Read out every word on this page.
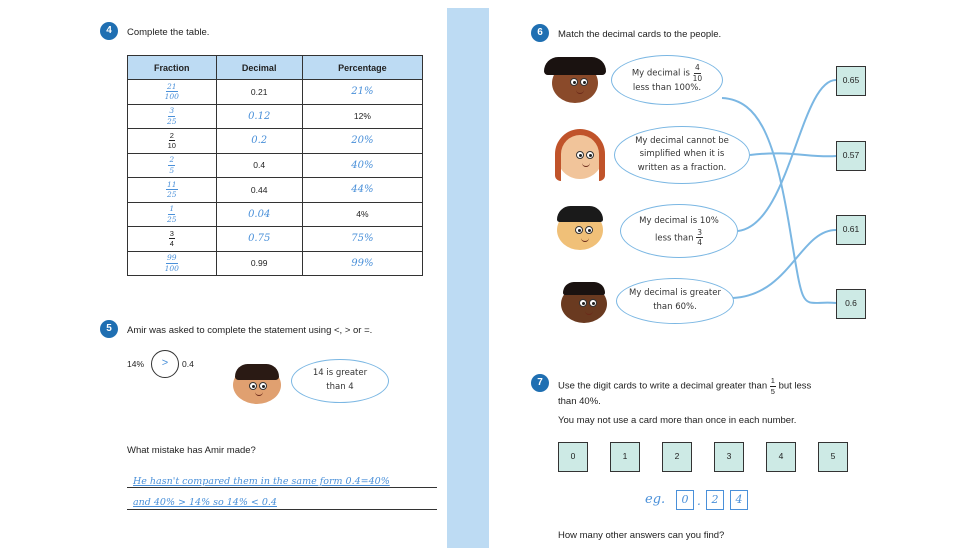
4	Complete the table.
Fraction	Decimal	Percentage

$\frac{21}{100}$	0.21	21%

$\frac{3}{25}$	0.12	12%

$\frac{2}{10}$	0.2	20%

$\frac{2}{5}$	0.4	40%

$\frac{11}{25}$	0.44	44%

$\frac{1}{25}$	0.04	4%

$\frac{3}{4}$	0.75	75%

$\frac{99}{100}$	0.99	99%
5	Amir was asked to complete the statement using <, > or =.
14%	>	0.4
14 is greater
than 4
What mistake has Amir made?
He hasn't compared them in the same form 0.4=40%
and 40% > 14% so 14% < 0.4
6	Match the decimal cards to the people.
My decimal is $\frac{4}{10}$
less than 100%.
My decimal cannot be
simplified when it is
written as a fraction.
My decimal is 10%
less than $\frac{3}{4}$
My decimal is greater
than 60%.
0.65
0.57
0.61
0.6
7	Use the digit cards to write a decimal greater than $\frac{1}{5}$ but less
than 40%.
You may not use a card more than once in each number.
0	1	2	3	4	5
eg.	0 . 2	4
How many other answers can you find?
